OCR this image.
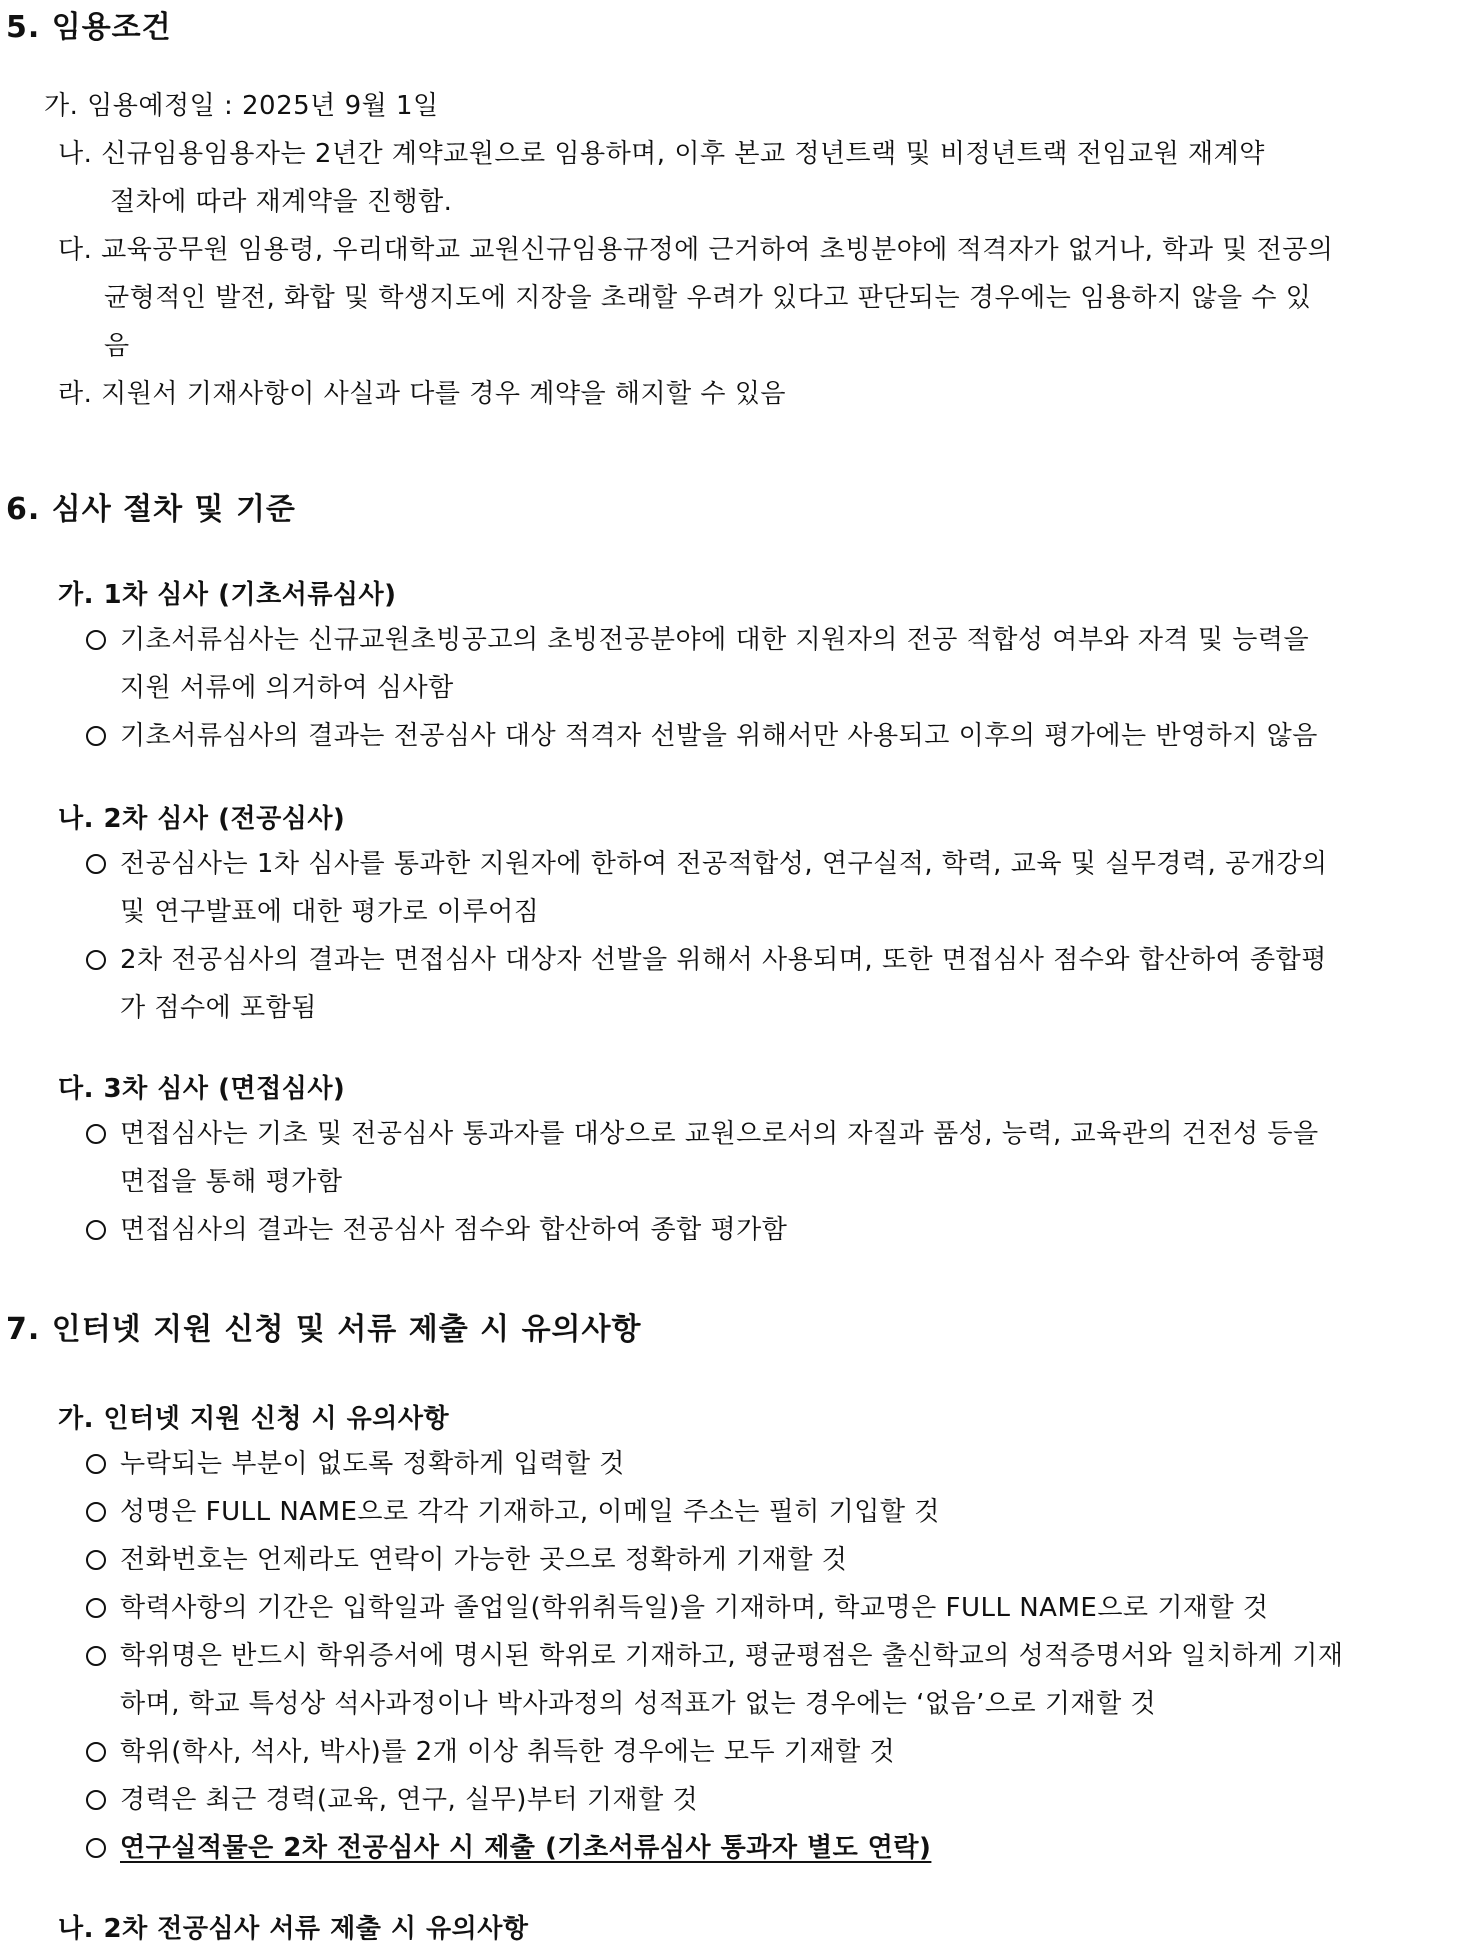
5. 임용조건

가. 임용예정일 : 2025년 9월 1일

나. 신규임용임용자는 2년간 계약교원으로 임용하며, 이후 본교 정년트랙 및 비정년트랙 전임교원 재계약

절차에 따라 재계약을 진행함.

다. 교육공무원 임용령, 우리대학교 교원신규임용규정에 근거하여 초빙분야에 적격자가 없거나, 학과 및 전공의

균형적인 발전, 화합 및 학생지도에 지장을 초래할 우려가 있다고 판단되는 경우에는 임용하지 않을 수 있

음

라. 지원서 기재사항이 사실과 다를 경우 계약을 해지할 수 있음

6. 심사 절차 및 기준

가. 1차 심사 (기초서류심사)

기초서류심사는 신규교원초빙공고의 초빙전공분야에 대한 지원자의 전공 적합성 여부와 자격 및 능력을

지원 서류에 의거하여 심사함

기초서류심사의 결과는 전공심사 대상 적격자 선발을 위해서만 사용되고 이후의 평가에는 반영하지 않음

나. 2차 심사 (전공심사)

전공심사는 1차 심사를 통과한 지원자에 한하여 전공적합성, 연구실적, 학력, 교육 및 실무경력, 공개강의

및 연구발표에 대한 평가로 이루어짐

2차 전공심사의 결과는 면접심사 대상자 선발을 위해서 사용되며, 또한 면접심사 점수와 합산하여 종합평

가 점수에 포함됨

다. 3차 심사 (면접심사)

면접심사는 기초 및 전공심사 통과자를 대상으로 교원으로서의 자질과 품성, 능력, 교육관의 건전성 등을

면접을 통해 평가함

면접심사의 결과는 전공심사 점수와 합산하여 종합 평가함

7. 인터넷 지원 신청 및 서류 제출 시 유의사항

가. 인터넷 지원 신청 시 유의사항

누락되는 부분이 없도록 정확하게 입력할 것

성명은 FULL NAME으로 각각 기재하고, 이메일 주소는 필히 기입할 것

전화번호는 언제라도 연락이 가능한 곳으로 정확하게 기재할 것

학력사항의 기간은 입학일과 졸업일(학위취득일)을 기재하며, 학교명은 FULL NAME으로 기재할 것

학위명은 반드시 학위증서에 명시된 학위로 기재하고, 평균평점은 출신학교의 성적증명서와 일치하게 기재

하며, 학교 특성상 석사과정이나 박사과정의 성적표가 없는 경우에는 ‘없음’으로 기재할 것

학위(학사, 석사, 박사)를 2개 이상 취득한 경우에는 모두 기재할 것

경력은 최근 경력(교육, 연구, 실무)부터 기재할 것

연구실적물은 2차 전공심사 시 제출 (기초서류심사 통과자 별도 연락)

나. 2차 전공심사 서류 제출 시 유의사항
